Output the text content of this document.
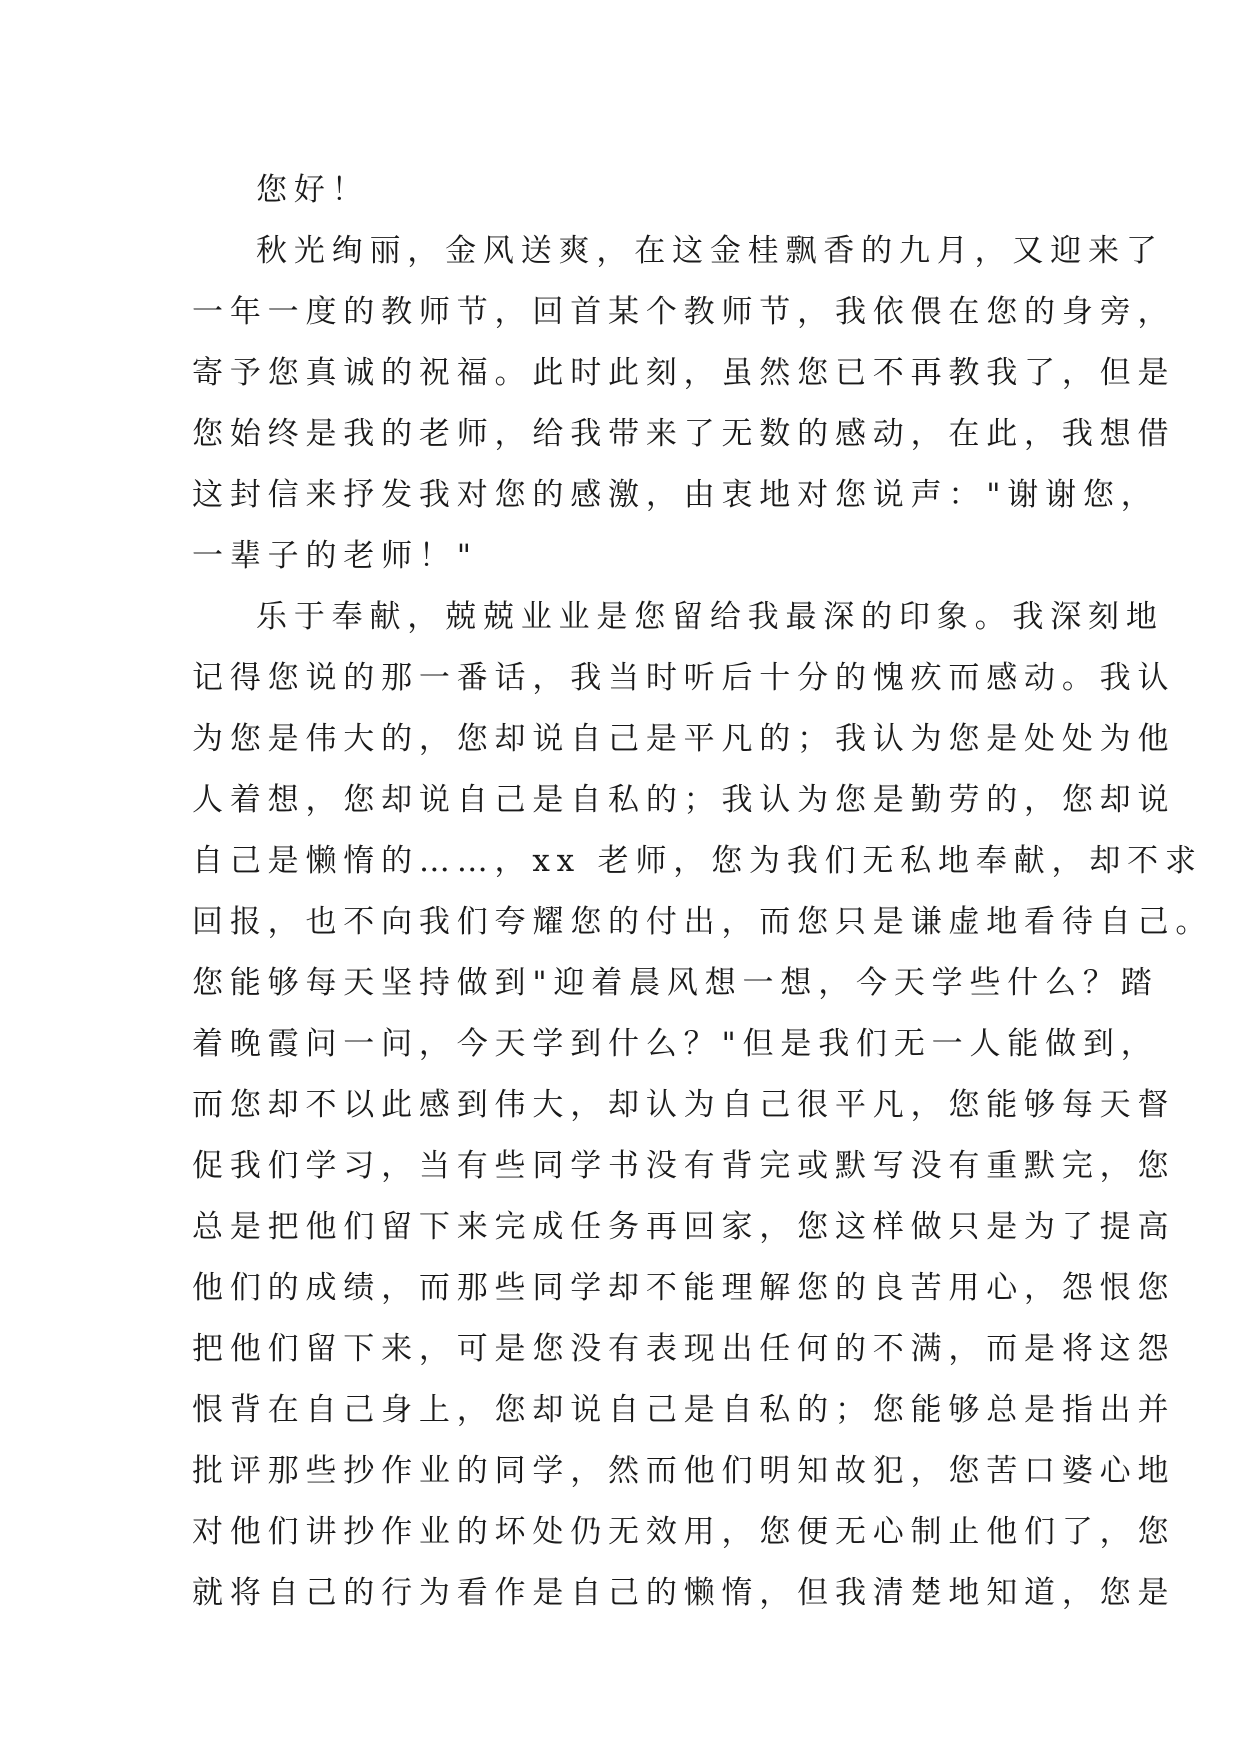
您好！
秋光绚丽，金风送爽，在这金桂飘香的九月，又迎来了
一年一度的教师节，回首某个教师节，我依偎在您的身旁，
寄予您真诚的祝福。此时此刻，虽然您已不再教我了，但是
您始终是我的老师，给我带来了无数的感动，在此，我想借
这封信来抒发我对您的感激，由衷地对您说声："谢谢您，
一辈子的老师！"
乐于奉献，兢兢业业是您留给我最深的印象。我深刻地
记得您说的那一番话，我当时听后十分的愧疚而感动。我认
为您是伟大的，您却说自己是平凡的；我认为您是处处为他
人着想，您却说自己是自私的；我认为您是勤劳的，您却说
自己是懒惰的……，xx 老师，您为我们无私地奉献，却不求
回报，也不向我们夸耀您的付出，而您只是谦虚地看待自己。
您能够每天坚持做到"迎着晨风想一想，今天学些什么？踏
着晚霞问一问，今天学到什么？"但是我们无一人能做到，
而您却不以此感到伟大，却认为自己很平凡，您能够每天督
促我们学习，当有些同学书没有背完或默写没有重默完，您
总是把他们留下来完成任务再回家，您这样做只是为了提高
他们的成绩，而那些同学却不能理解您的良苦用心，怨恨您
把他们留下来，可是您没有表现出任何的不满，而是将这怨
恨背在自己身上，您却说自己是自私的；您能够总是指出并
批评那些抄作业的同学，然而他们明知故犯，您苦口婆心地
对他们讲抄作业的坏处仍无效用，您便无心制止他们了，您
就将自己的行为看作是自己的懒惰，但我清楚地知道，您是
